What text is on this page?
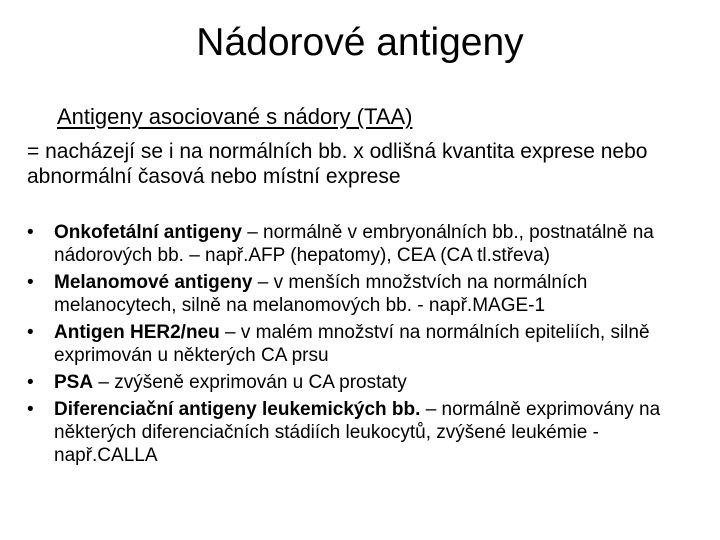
Nádorové antigeny
Antigeny asociované s nádory (TAA)
= nacházejí se i na normálních bb. x odlišná kvantita exprese nebo abnormální časová nebo místní exprese
• Onkofetální antigeny – normálně v embryonálních bb., postnatálně na nádorových bb. – např.AFP (hepatomy), CEA (CA tl.střeva)
• Melanomové antigeny – v menších množstvích na normálních melanocytech, silně na melanomových bb. - např.MAGE-1
• Antigen HER2/neu – v malém množství na normálních epiteliích, silně exprimován u některých CA prsu
• PSA – zvýšeně exprimován u CA prostaty
• Diferenciační antigeny leukemických bb. – normálně exprimovány na některých diferenciačních stádiích leukocytů, zvýšené leukémie - např.CALLA
